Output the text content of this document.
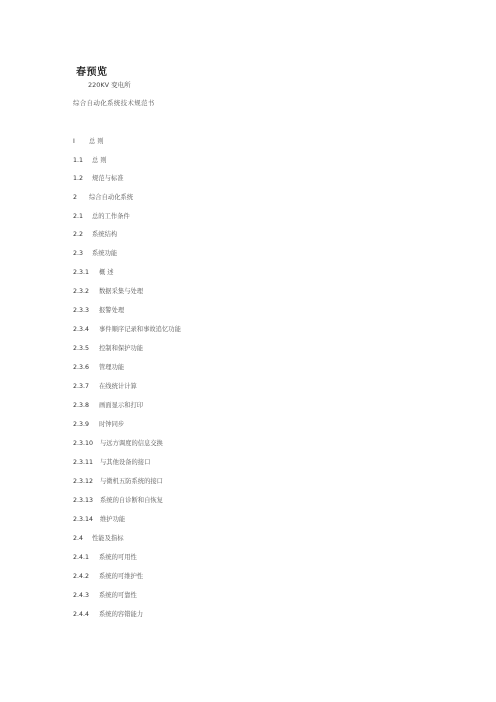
春预览
220KV 变电所
综合自动化系统技术规范书
I 总 则
1.1 总 则
1.2 规范与标准
2 综合自动化系统
2.1 总的工作条件
2.2 系统结构
2.3 系统功能
2.3.1 概 述
2.3.2 数据采集与处理
2.3.3 报警处理
2.3.4 事件顺序记录和事故追忆功能
2.3.5 控制和保护功能
2.3.6 管理功能
2.3.7 在线统计计算
2.3.8 画面显示和打印
2.3.9 时钟同步
2.3.10 与远方调度的信息交换
2.3.11 与其他设备的接口
2.3.12 与微机五防系统的接口
2.3.13 系统的自诊断和自恢复
2.3.14 维护功能
2.4 性能及指标
2.4.1 系统的可用性
2.4.2 系统的可维护性
2.4.3 系统的可靠性
2.4.4 系统的容错能力
